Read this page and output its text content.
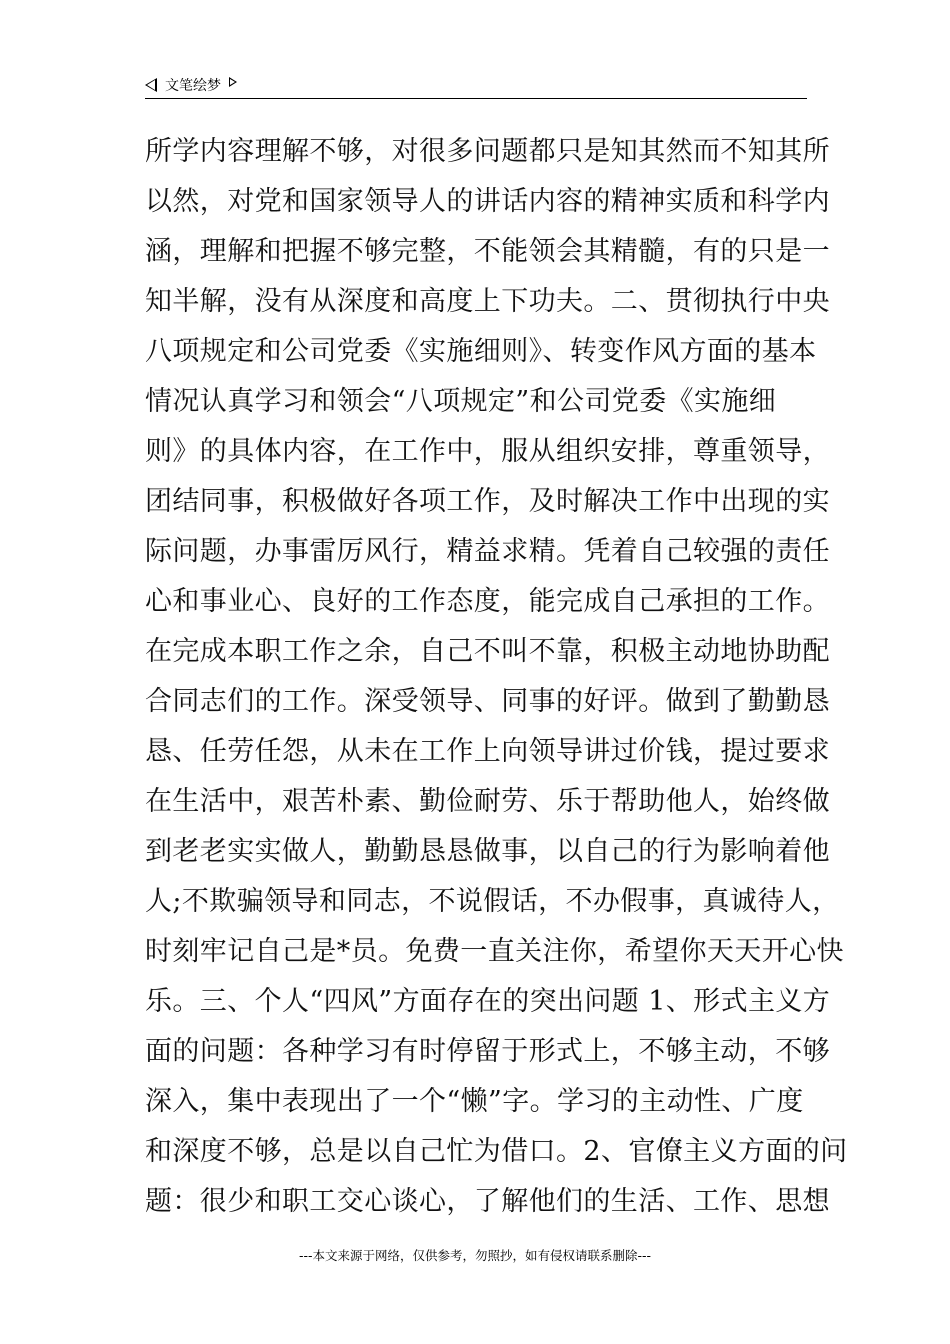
文笔绘梦
所学内容理解不够，对很多问题都只是知其然而不知其所
以然，对党和国家领导人的讲话内容的精神实质和科学内
涵，理解和把握不够完整，不能领会其精髓，有的只是一
知半解，没有从深度和高度上下功夫。二、贯彻执行中央
八项规定和公司党委《实施细则》、转变作风方面的基本
情况认真学习和领会“八项规定”和公司党委《实施细
则》的具体内容，在工作中，服从组织安排，尊重领导，
团结同事，积极做好各项工作，及时解决工作中出现的实
际问题，办事雷厉风行，精益求精。凭着自己较强的责任
心和事业心、良好的工作态度，能完成自己承担的工作。
在完成本职工作之余，自己不叫不靠，积极主动地协助配
合同志们的工作。深受领导、同事的好评。做到了勤勤恳
恳、任劳任怨，从未在工作上向领导讲过价钱，提过要求
在生活中，艰苦朴素、勤俭耐劳、乐于帮助他人，始终做
到老老实实做人，勤勤恳恳做事，以自己的行为影响着他
人;不欺骗领导和同志，不说假话，不办假事，真诚待人，
时刻牢记自己是*员。免费一直关注你，希望你天天开心快
乐。三、个人“四风”方面存在的突出问题 1、形式主义方
面的问题：各种学习有时停留于形式上，不够主动，不够
深入，集中表现出了一个“懒”字。学习的主动性、广度
和深度不够，总是以自己忙为借口。2、官僚主义方面的问
题：很少和职工交心谈心，了解他们的生活、工作、思想
---本文来源于网络，仅供参考，勿照抄，如有侵权请联系删除---
